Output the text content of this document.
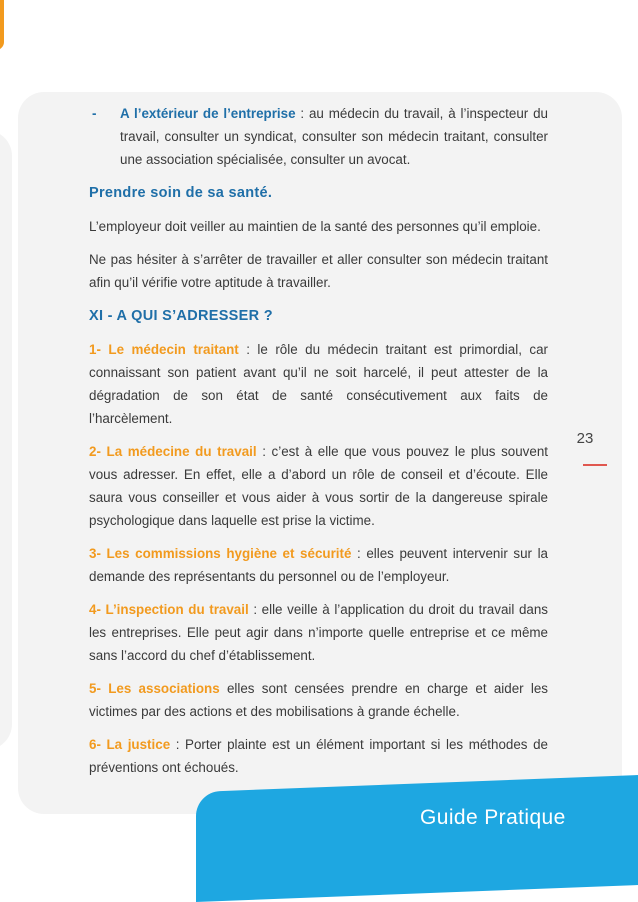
-	A l’extérieur de l’entreprise : au médecin du travail, à l’inspecteur du travail, consulter un syndicat, consulter son médecin traitant, consulter une association spécialisée, consulter un avocat.
Prendre soin de sa santé.

L’employeur doit veiller au maintien de la santé des personnes qu’il emploie.

Ne pas hésiter à s’arrêter de travailler et aller consulter son médecin traitant afin qu’il vérifie votre aptitude à travailler.

XI - A QUI S’ADRESSER ?

1- Le médecin traitant : le rôle du médecin traitant est primordial, car connaissant son patient avant qu’il ne soit harcelé, il peut attester de la dégradation de son état de santé consécutivement aux faits de l’harcèlement.

2- La médecine du travail : c’est à elle que vous pouvez le plus souvent vous adresser. En effet, elle a d’abord un rôle de conseil et d’écoute. Elle saura vous conseiller et vous aider à vous sortir de la dangereuse spirale psychologique dans laquelle est prise la victime.

3- Les commissions hygiène et sécurité : elles peuvent intervenir sur la demande des représentants du personnel ou de l’employeur.

4- L’inspection du travail : elle veille à l’application du droit du travail dans les entreprises. Elle peut agir dans n’importe quelle entreprise et ce même sans l’accord du chef d’établissement.

5- Les associations elles sont censées prendre en charge et aider les victimes par des actions et des mobilisations à grande échelle.

6- La justice : Porter plainte est un élément important si les méthodes de préventions ont échoués.

23
Guide Pratique
